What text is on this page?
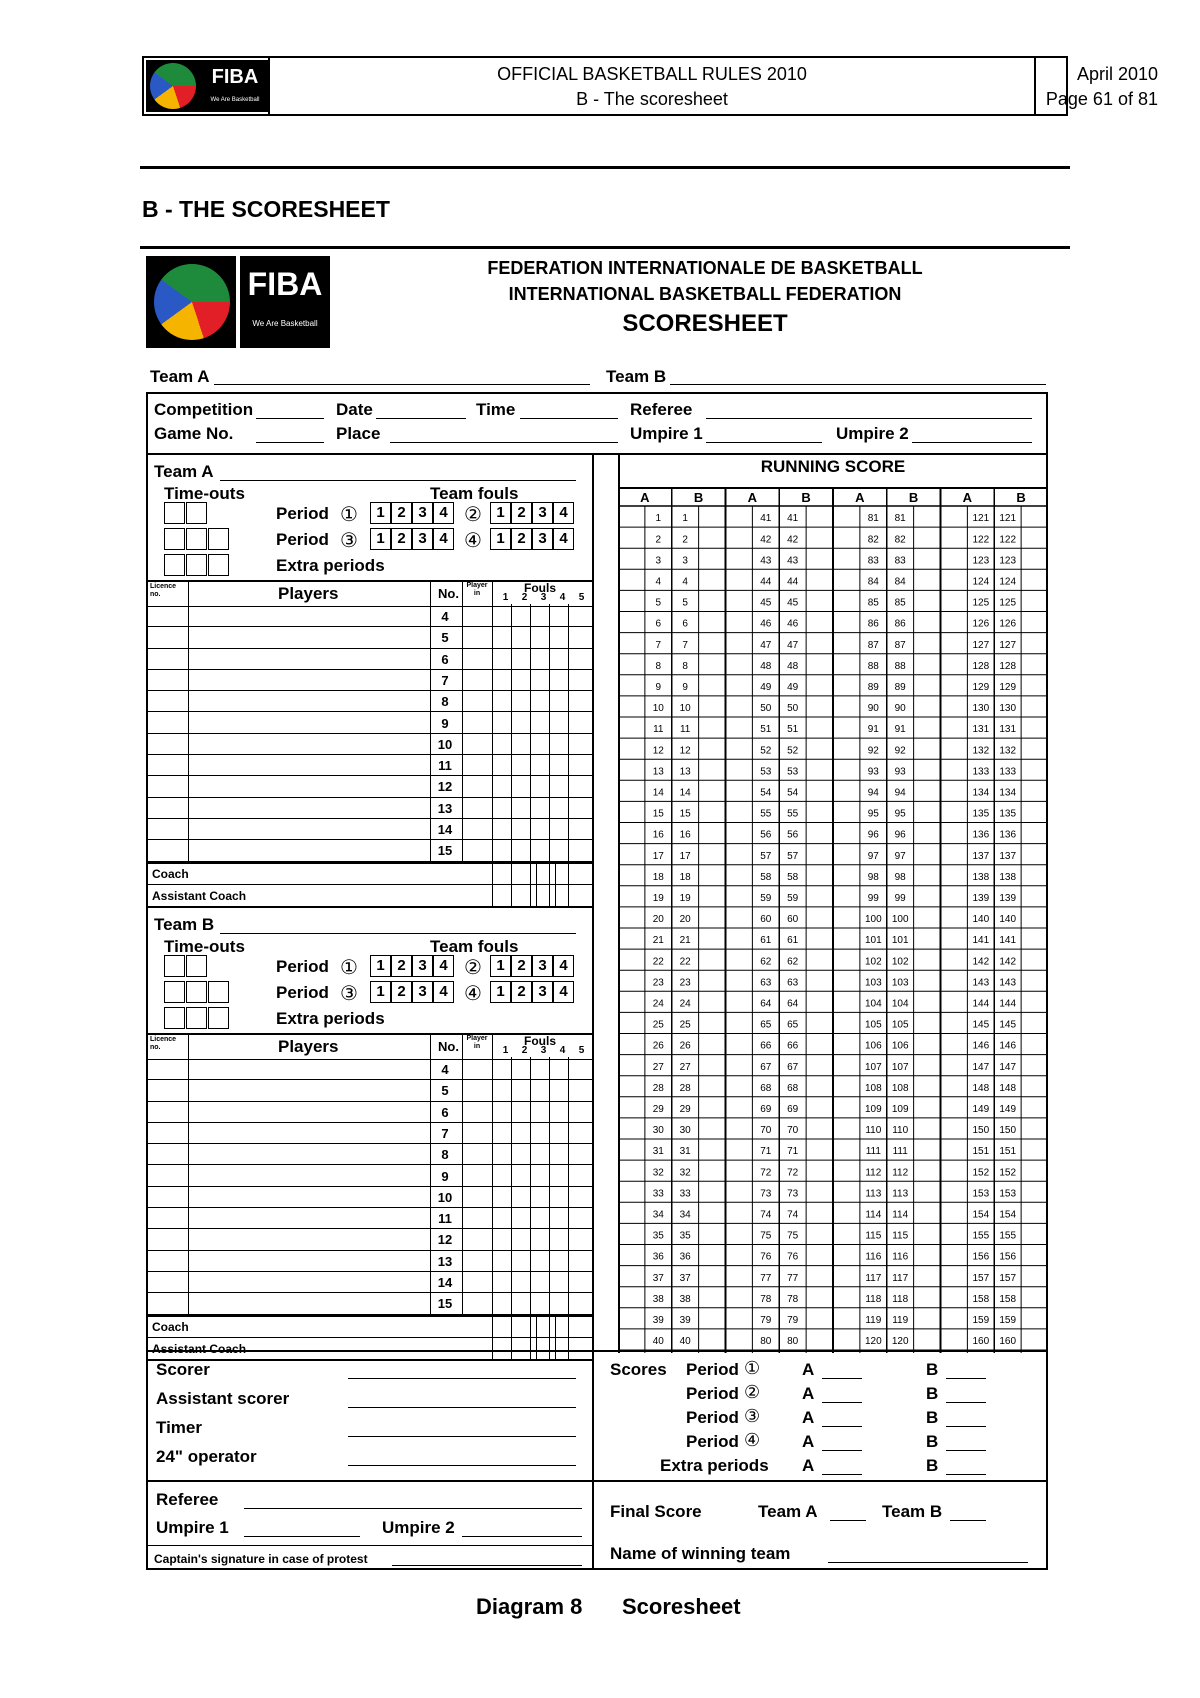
FIBA
We Are Basketball
OFFICIAL BASKETBALL RULES 2010
B - The scoresheet
April 2010
Page 61 of 81
B - THE SCORESHEET
FIBA
We Are Basketball
FEDERATION INTERNATIONALE DE BASKETBALL
INTERNATIONAL BASKETBALL FEDERATION
SCORESHEET
Team A	Team B
Competition	Date	Time	Referee
Game No.	Place	Umpire 1	Umpire 2
Team A
Time-outs	Team fouls
Period ①	②
1 2 3 4	1 2 3 4
Period ③	④
1 2 3 4	1 2 3 4
Extra periods
Licence no.	Players	No.
Player in	Fouls
1	2	3	4	5
4
5
6
7
8
9
10
11
12
13
14
15
Coach
Assistant Coach
Team B
Time-outs	Team fouls
Period ①	②
1 2 3 4	1 2 3 4
Period ③	④
1 2 3 4	1 2 3 4
Extra periods
Licence no.	Players	No.
Player in	Fouls
1	2	3	4	5
4
5
6
7
8
9
10
11
12
13
14
15
Coach
Assistant Coach
RUNNING SCORE
A	B
1 1
2 2
3 3
4 4
5 5
6 6
7 7
8 8
9 9
10 10
11 11
12 12
13 13
14 14
15 15
16 16
17 17
18 18
19 19
20 20
21 21
22 22
23 23
24 24
25 25
26 26
27 27
28 28
29 29
30 30
31 31
32 32
33 33
34 34
35 35
36 36
37 37
38 38
39 39
40 40
A	B
41 41
42 42
43 43
44 44
45 45
46 46
47 47
48 48
49 49
50 50
51 51
52 52
53 53
54 54
55 55
56 56
57 57
58 58
59 59
60 60
61 61
62 62
63 63
64 64
65 65
66 66
67 67
68 68
69 69
70 70
71 71
72 72
73 73
74 74
75 75
76 76
77 77
78 78
79 79
80 80
A	B
81 81
82 82
83 83
84 84
85 85
86 86
87 87
88 88
89 89
90 90
91 91
92 92
93 93
94 94
95 95
96 96
97 97
98 98
99 99
100 100
101 101
102 102
103 103
104 104
105 105
106 106
107 107
108 108
109 109
110 110
111 111
112 112
113 113
114 114
115 115
116 116
117 117
118 118
119 119
120 120
A	B
121 121
122 122
123 123
124 124
125 125
126 126
127 127
128 128
129 129
130 130
131 131
132 132
133 133
134 134
135 135
136 136
137 137
138 138
139 139
140 140
141 141
142 142
143 143
144 144
145 145
146 146
147 147
148 148
149 149
150 150
151 151
152 152
153 153
154 154
155 155
156 156
157 157
158 158
159 159
160 160
Scorer
Assistant scorer
Timer
24" operator
Scores Period ① A	B
Period ② A	B
Period ③ A	B
Period ④ A	B
Extra periods A	B
Referee
Umpire 1	Umpire 2
Captain's signature in case of protest
Final Score	Team A	Team B
Name of winning team
Diagram 8 Scoresheet
